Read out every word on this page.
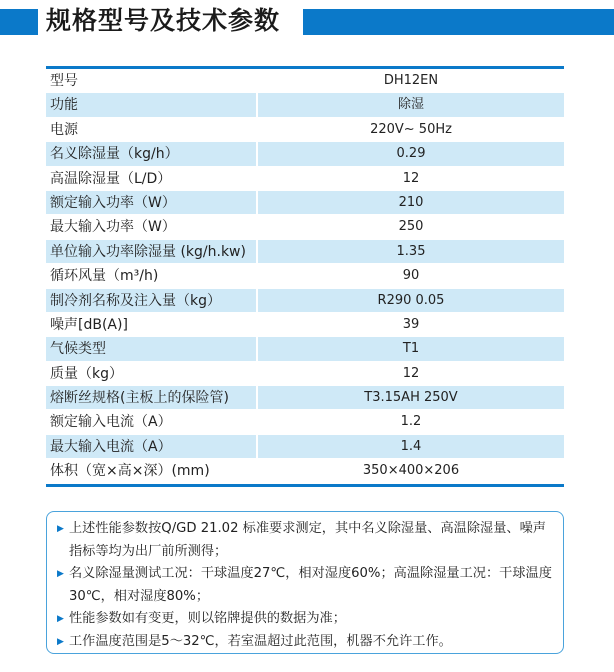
规格型号及技术参数
型号	DH12EN
功能	除湿
电源	220V~ 50Hz
名义除湿量（kg/h）	0.29
高温除湿量（L/D）	12
额定输入功率（W）	210
最大输入功率（W）	250
单位输入功率除湿量 (kg/h.kw)	1.35
循环风量（m³/h)	90
制冷剂名称及注入量（kg）	R290 0.05
噪声[dB(A)]	39
气候类型	T1
质量（kg）	12
熔断丝规格(主板上的保险管)	T3.15AH 250V
额定输入电流（A）	1.2
最大输入电流（A）	1.4
体积（宽×高×深）(mm)	350×400×206
▶ 上述性能参数按Q/GD 21.02 标准要求测定，其中名义除湿量、高温除湿量、噪声指标等均为出厂前所测得；
▶ 名义除湿量测试工况：干球温度27℃，相对湿度60%；高温除湿量工况：干球温度30℃，相对湿度80%；
▶ 性能参数如有变更，则以铭牌提供的数据为准；
▶ 工作温度范围是5～32℃，若室温超过此范围，机器不允许工作。
